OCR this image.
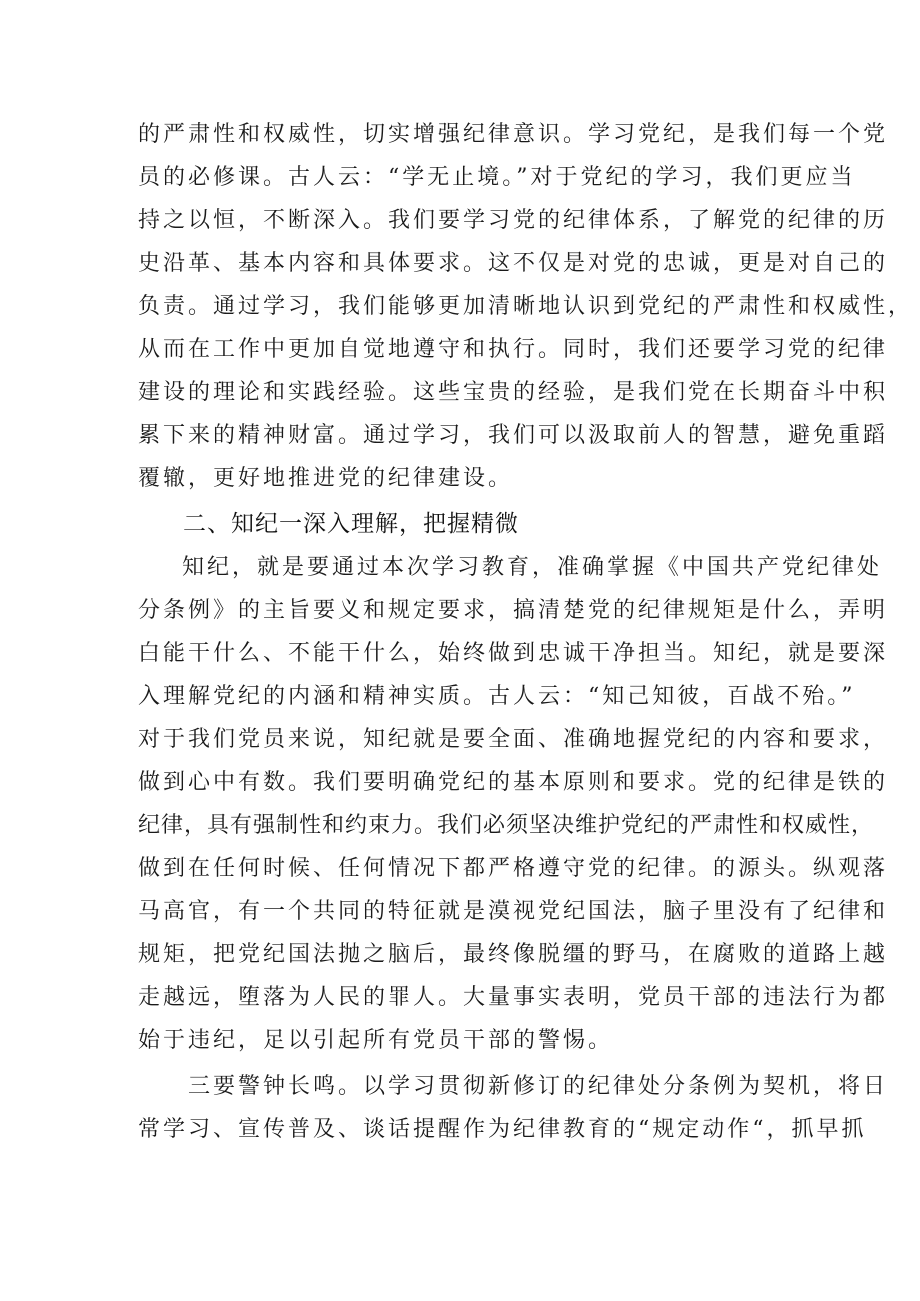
的严肃性和权威性，切实增强纪律意识。学习党纪，是我们每一个党
员的必修课。古人云：“学无止境。”对于党纪的学习，我们更应当
持之以恒，不断深入。我们要学习党的纪律体系，了解党的纪律的历
史沿革、基本内容和具体要求。这不仅是对党的忠诚，更是对自己的
负责。通过学习，我们能够更加清晰地认识到党纪的严肃性和权威性，
从而在工作中更加自觉地遵守和执行。同时，我们还要学习党的纪律
建设的理论和实践经验。这些宝贵的经验，是我们党在长期奋斗中积
累下来的精神财富。通过学习，我们可以汲取前人的智慧，避免重蹈
覆辙，更好地推进党的纪律建设。
二、知纪一深入理解，把握精微
知纪，就是要通过本次学习教育，准确掌握《中国共产党纪律处
分条例》的主旨要义和规定要求，搞清楚党的纪律规矩是什么，弄明
白能干什么、不能干什么，始终做到忠诚干净担当。知纪，就是要深
入理解党纪的内涵和精神实质。古人云：“知己知彼，百战不殆。”
对于我们党员来说，知纪就是要全面、准确地握党纪的内容和要求，
做到心中有数。我们要明确党纪的基本原则和要求。党的纪律是铁的
纪律，具有强制性和约束力。我们必须坚决维护党纪的严肃性和权威性，
做到在任何时候、任何情况下都严格遵守党的纪律。的源头。纵观落
马高官，有一个共同的特征就是漠视党纪国法，脑子里没有了纪律和
规矩，把党纪国法抛之脑后，最终像脱缰的野马，在腐败的道路上越
走越远，堕落为人民的罪人。大量事实表明，党员干部的违法行为都
始于违纪，足以引起所有党员干部的警惕。
三要警钟长鸣。以学习贯彻新修订的纪律处分条例为契机，将日
常学习、宣传普及、谈话提醒作为纪律教育的“规定动作“，抓早抓
